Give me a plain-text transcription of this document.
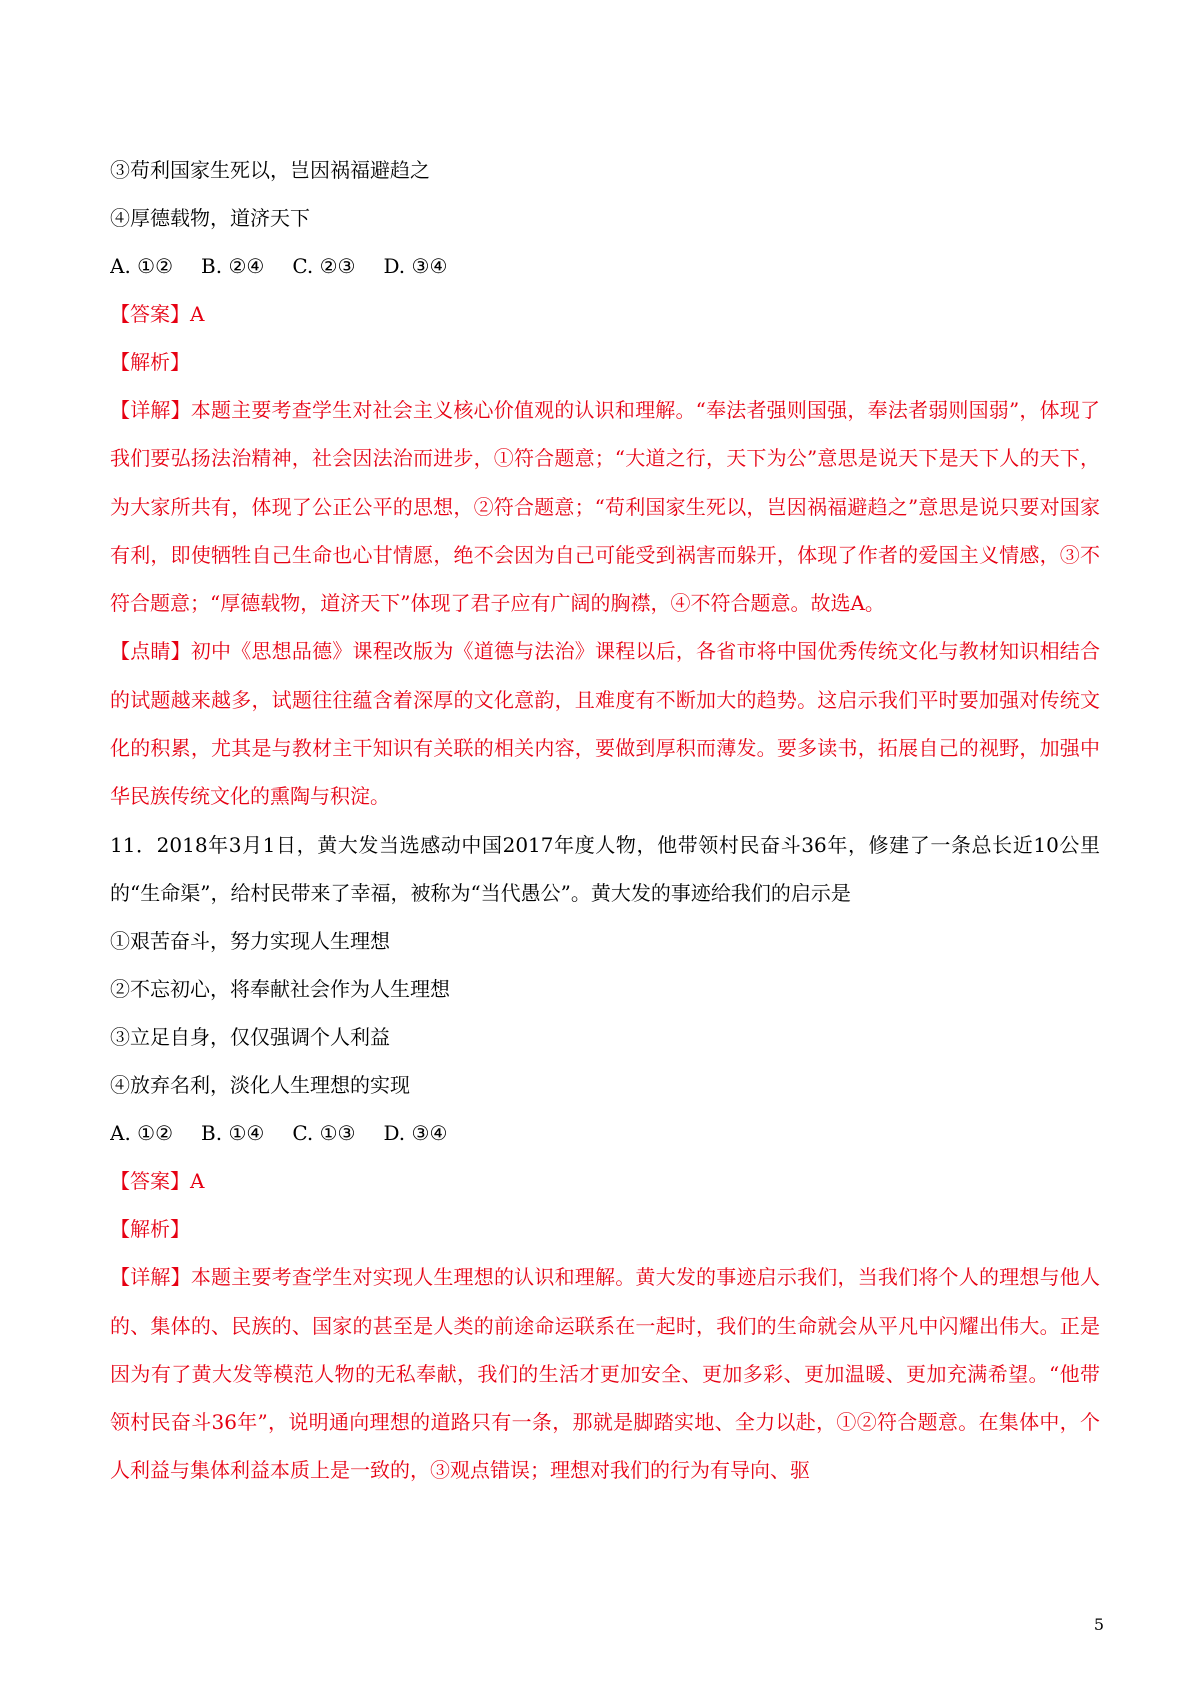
③苟利国家生死以，岂因祸福避趋之
④厚德载物，道济天下
A. ①② B. ②④ C. ②③ D. ③④
【答案】A
【解析】
【详解】本题主要考查学生对社会主义核心价值观的认识和理解。“奉法者强则国强，奉法者弱则国弱”，体现了我们要弘扬法治精神，社会因法治而进步，①符合题意；“大道之行，天下为公”意思是说天下是天下人的天下，为大家所共有，体现了公正公平的思想，②符合题意；“苟利国家生死以，岂因祸福避趋之”意思是说只要对国家有利，即使牺牲自己生命也心甘情愿，绝不会因为自己可能受到祸害而躲开，体现了作者的爱国主义情感，③不符合题意；“厚德载物，道济天下”体现了君子应有广阔的胸襟，④不符合题意。故选A。
【点睛】初中《思想品德》课程改版为《道德与法治》课程以后，各省市将中国优秀传统文化与教材知识相结合的试题越来越多，试题往往蕴含着深厚的文化意韵，且难度有不断加大的趋势。这启示我们平时要加强对传统文化的积累，尤其是与教材主干知识有关联的相关内容，要做到厚积而薄发。要多读书，拓展自己的视野，加强中华民族传统文化的熏陶与积淀。
11．2018年3月1日，黄大发当选感动中国2017年度人物，他带领村民奋斗36年，修建了一条总长近10公里的“生命渠”，给村民带来了幸福，被称为“当代愚公”。黄大发的事迹给我们的启示是
①艰苦奋斗，努力实现人生理想
②不忘初心，将奉献社会作为人生理想
③立足自身，仅仅强调个人利益
④放弃名利，淡化人生理想的实现
A. ①② B. ①④ C. ①③ D. ③④
【答案】A
【解析】
【详解】本题主要考查学生对实现人生理想的认识和理解。黄大发的事迹启示我们，当我们将个人的理想与他人的、集体的、民族的、国家的甚至是人类的前途命运联系在一起时，我们的生命就会从平凡中闪耀出伟大。正是因为有了黄大发等模范人物的无私奉献，我们的生活才更加安全、更加多彩、更加温暖、更加充满希望。“他带领村民奋斗36年”，说明通向理想的道路只有一条，那就是脚踏实地、全力以赴，①②符合题意。在集体中，个人利益与集体利益本质上是一致的，③观点错误；理想对我们的行为有导向、驱
5
